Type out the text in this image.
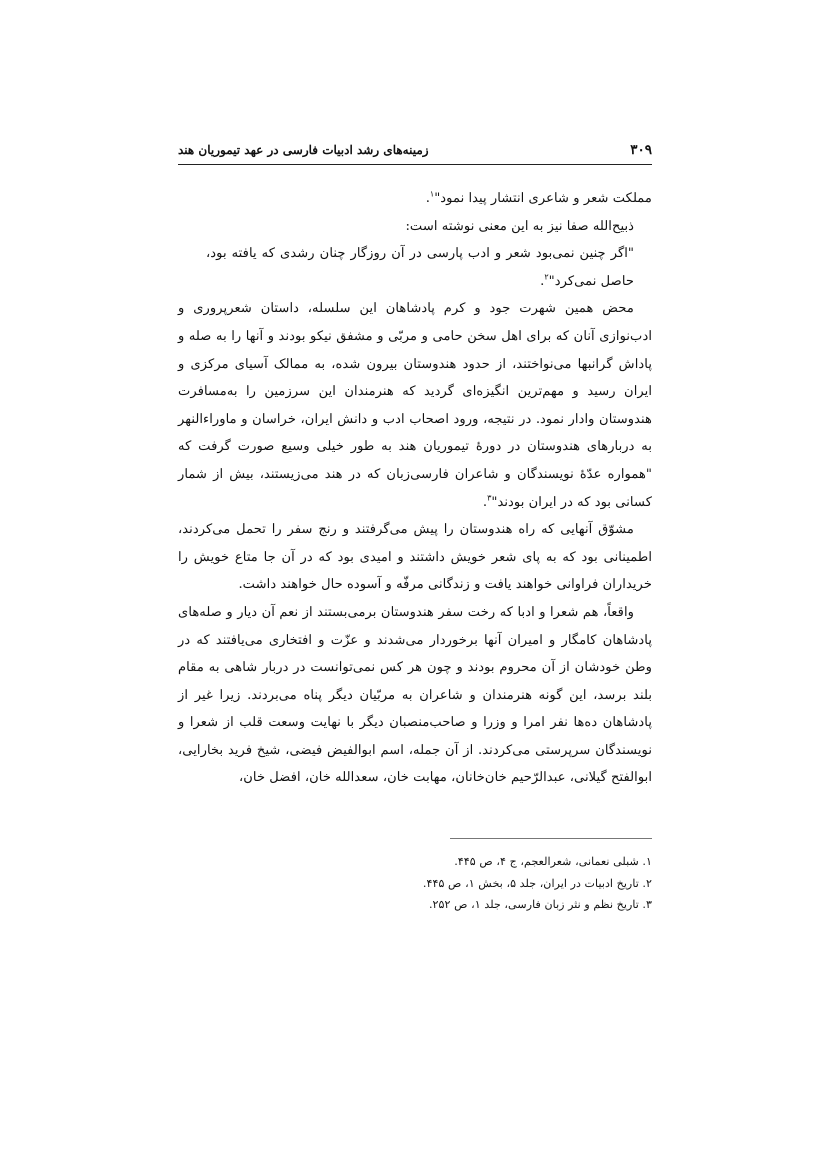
۳۰۹
زمینه‌های رشد ادبیات فارسی در عهد تیموریان هند

مملکت شعر و شاعری انتشار پیدا نمود"$^۱$.

ذبیح‌الله صفا نیز به این معنی نوشته است:

"اگر چنین نمی‌بود شعر و ادب پارسی در آن روزگار چنان رشدی که یافته بود، حاصل نمی‌کرد"$^۲$.

محض همین شهرت جود و کرم پادشاهان این سلسله، داستان شعرپروری و ادب‌نوازی آنان که برای اهل سخن حامی و مربّی و مشفق نیکو بودند و آنها را به صله و پاداش گرانبها می‌نواختند، از حدود هندوستان بیرون شده، به ممالک آسیای مرکزی و ایران رسید و مهم‌ترین انگیزه‌ای گردید که هنرمندان این سرزمین را به‌مسافرت هندوستان وادار نمود. در نتیجه، ورود اصحاب ادب و دانش ایران، خراسان و ماوراءالنهر به دربارهای هندوستان در دورهٔ تیموریان هند به طور خیلی وسیع صورت گرفت که "همواره عدّهٔ نویسندگان و شاعران فارسی‌زبان که در هند می‌زیستند، بیش از شمار کسانی بود که در ایران بودند"$^۳$.

مشوّق آنهایی که راه هندوستان را پیش می‌گرفتند و رنج سفر را تحمل می‌کردند، اطمینانی بود که به پای شعر خویش داشتند و امیدی بود که در آن جا متاع خویش را خریداران فراوانی خواهند یافت و زندگانی مرفّه و آسوده حال خواهند داشت.

واقعاً، هم شعرا و ادبا که رخت سفر هندوستان برمی‌بستند از نعم آن دیار و صله‌های پادشاهان کامگار و امیران آنها برخوردار می‌شدند و عزّت و افتخاری می‌یافتند که در وطن خودشان از آن محروم بودند و چون هر کس نمی‌توانست در دربار شاهی به مقام بلند برسد، این گونه هنرمندان و شاعران به مربّیان دیگر پناه می‌بردند. زیرا غیر از پادشاهان ده‌ها نفر امرا و وزرا و صاحب‌منصبان دیگر با نهایت وسعت قلب از شعرا و نویسندگان سرپرستی می‌کردند. از آن جمله، اسم ابوالفیض فیضی، شیخ فرید بخارایی، ابوالفتح گیلانی، عبدالرّحیم خان‌خانان، مهابت خان، سعدالله خان، افضل خان،

۱. شبلی نعمانی، شعرالعجم، ج ۴، ص ۴۴۵.

۲. تاریخ ادبیات در ایران، جلد ۵، بخش ۱، ص ۴۴۵.

۳. تاریخ نظم و نثر زبان فارسی، جلد ۱، ص ۲۵۲.
